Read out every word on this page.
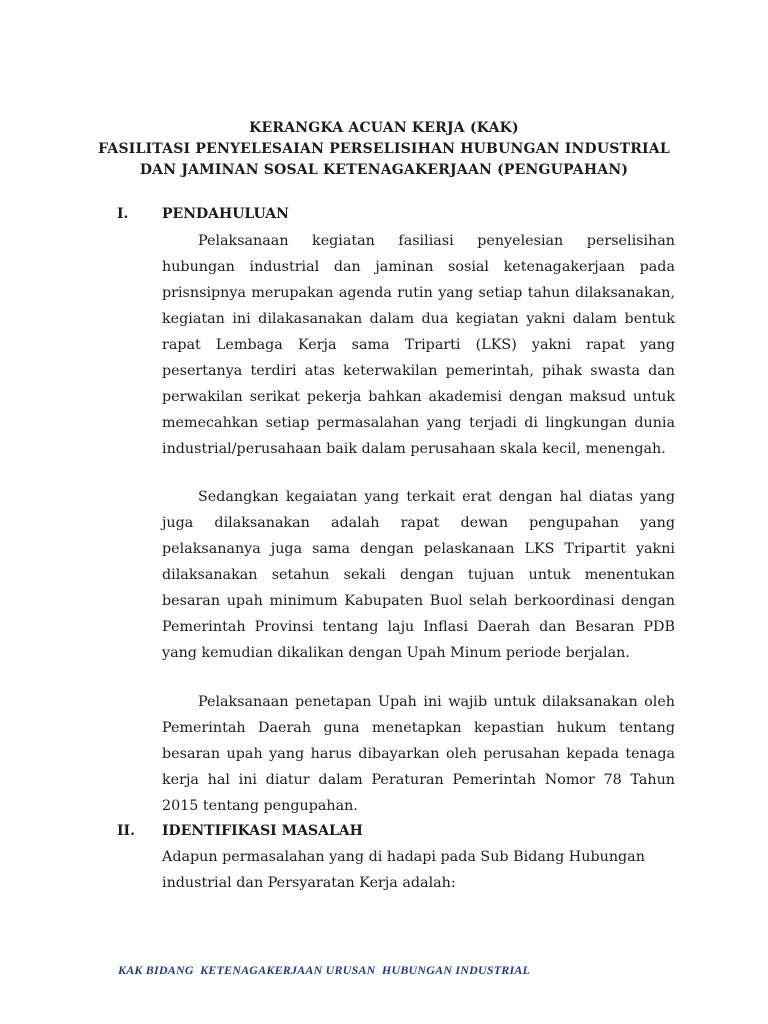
KERANGKA ACUAN KERJA (KAK)
FASILITASI PENYELESAIAN PERSELISIHAN HUBUNGAN INDUSTRIAL
DAN JAMINAN SOSAL KETENAGAKERJAAN (PENGUPAHAN)
I. PENDAHULUAN

Pelaksanaan kegiatan fasiliasi penyelesian perselisihan hubungan industrial dan jaminan sosial ketenagakerjaan pada prisnsipnya merupakan agenda rutin yang setiap tahun dilaksanakan, kegiatan ini dilakasanakan dalam dua kegiatan yakni dalam bentuk rapat Lembaga Kerja sama Triparti (LKS) yakni rapat yang pesertanya terdiri atas keterwakilan pemerintah, pihak swasta dan perwakilan serikat pekerja bahkan akademisi dengan maksud untuk memecahkan setiap permasalahan yang terjadi di lingkungan dunia industrial/perusahaan baik dalam perusahaan skala kecil, menengah.

Sedangkan kegaiatan yang terkait erat dengan hal diatas yang juga dilaksanakan adalah rapat dewan pengupahan yang pelaksananya juga sama dengan pelaskanaan LKS Tripartit yakni dilaksanakan setahun sekali dengan tujuan untuk menentukan besaran upah minimum Kabupaten Buol selah berkoordinasi dengan Pemerintah Provinsi tentang laju Inflasi Daerah dan Besaran PDB yang kemudian dikalikan dengan Upah Minum periode berjalan.

Pelaksanaan penetapan Upah ini wajib untuk dilaksanakan oleh Pemerintah Daerah guna menetapkan kepastian hukum tentang besaran upah yang harus dibayarkan oleh perusahan kepada tenaga kerja hal ini diatur dalam Peraturan Pemerintah Nomor 78 Tahun 2015 tentang pengupahan.

II. IDENTIFIKASI MASALAH

Adapun permasalahan yang di hadapi pada Sub Bidang Hubungan industrial dan Persyaratan Kerja adalah:

KAK BIDANG  KETENAGAKERJAAN URUSAN  HUBUNGAN INDUSTRIAL
